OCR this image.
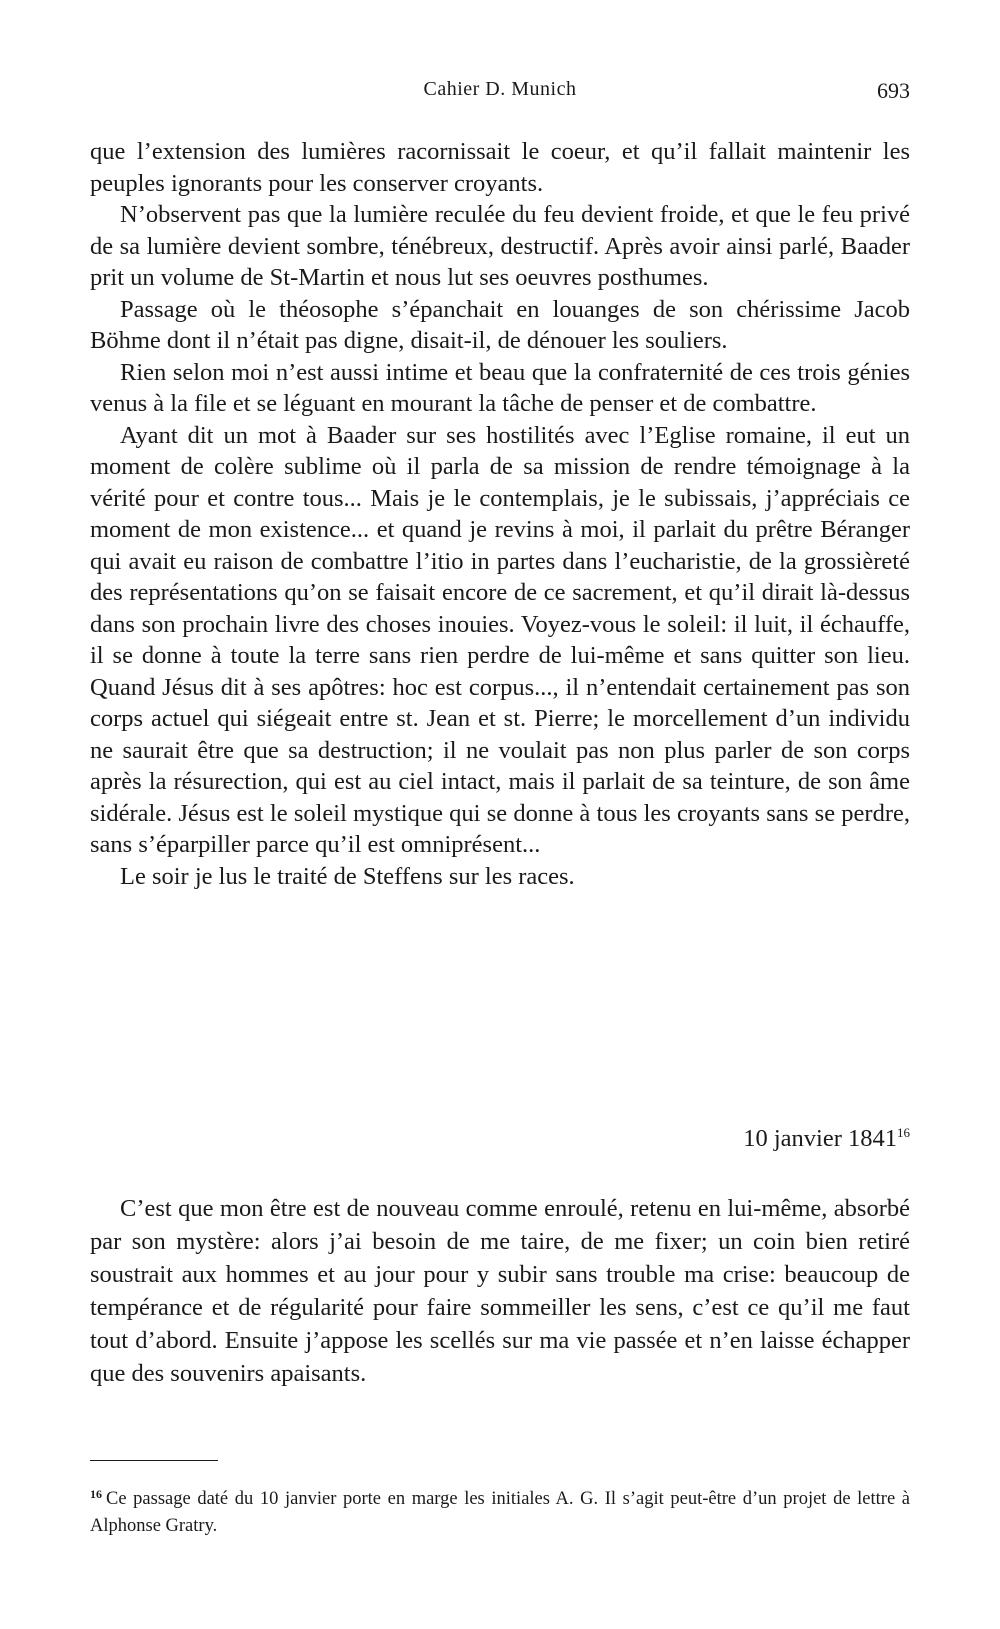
Cahier D. Munich	693

que l’extension des lumières racornissait le coeur, et qu’il fallait maintenir les peuples ignorants pour les conserver croyants.

N’observent pas que la lumière reculée du feu devient froide, et que le feu privé de sa lumière devient sombre, ténébreux, destructif. Après avoir ainsi parlé, Baader prit un volume de St-Martin et nous lut ses oeuvres posthumes.

Passage où le théosophe s’épanchait en louanges de son chérissime Jacob Böhme dont il n’était pas digne, disait-il, de dénouer les souliers.

Rien selon moi n’est aussi intime et beau que la confraternité de ces trois génies venus à la file et se léguant en mourant la tâche de penser et de combattre.

Ayant dit un mot à Baader sur ses hostilités avec l’Eglise romaine, il eut un moment de colère sublime où il parla de sa mission de rendre témoignage à la vérité pour et contre tous... Mais je le contemplais, je le subissais, j’appréciais ce moment de mon existence... et quand je revins à moi, il parlait du prêtre Béranger qui avait eu raison de combattre l’itio in partes dans l’eucharistie, de la grossièreté des représentations qu’on se faisait encore de ce sacrement, et qu’il dirait là-dessus dans son prochain livre des choses inouies. Voyez-vous le soleil: il luit, il échauffe, il se donne à toute la terre sans rien perdre de lui-même et sans quitter son lieu. Quand Jésus dit à ses apôtres: hoc est corpus..., il n’entendait certainement pas son corps actuel qui siégeait entre st. Jean et st. Pierre; le morcellement d’un individu ne saurait être que sa destruction; il ne voulait pas non plus parler de son corps après la résurection, qui est au ciel intact, mais il parlait de sa teinture, de son âme sidérale. Jésus est le soleil mystique qui se donne à tous les croyants sans se perdre, sans s’éparpiller parce qu’il est omniprésent...

Le soir je lus le traité de Steffens sur les races.

10 janvier 1841$^{16}$

C’est que mon être est de nouveau comme enroulé, retenu en lui-même, absorbé par son mystère: alors j’ai besoin de me taire, de me fixer; un coin bien retiré soustrait aux hommes et au jour pour y subir sans trouble ma crise: beaucoup de tempérance et de régularité pour faire sommeiller les sens, c’est ce qu’il me faut tout d’abord. Ensuite j’appose les scellés sur ma vie passée et n’en laisse échapper que des souvenirs apaisants.

$^{16}$ Ce passage daté du 10 janvier porte en marge les initiales A. G. Il s’agit peut-être d’un projet de lettre à Alphonse Gratry.
